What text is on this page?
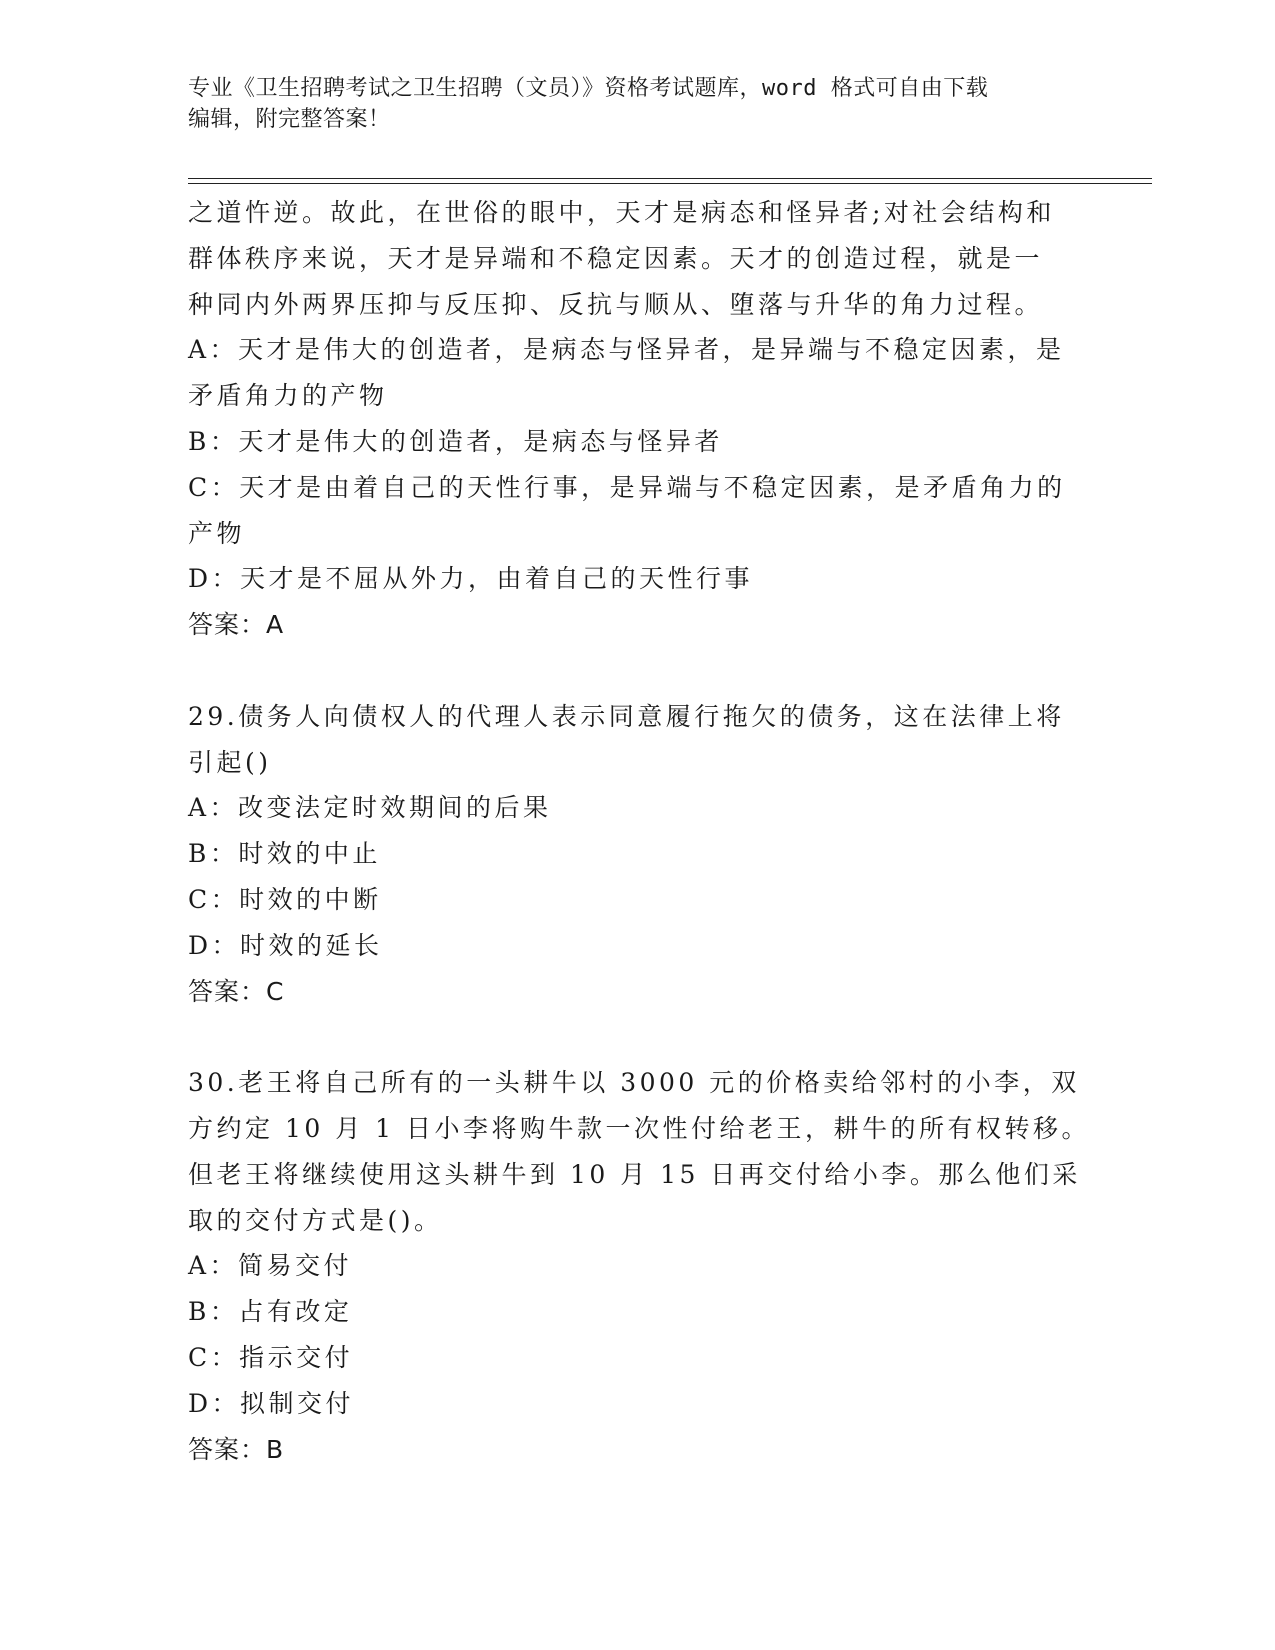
专业《卫生招聘考试之卫生招聘（文员）》资格考试题库，word 格式可自由下载
编辑，附完整答案！
之道忤逆。故此，在世俗的眼中，天才是病态和怪异者;对社会结构和
群体秩序来说，天才是异端和不稳定因素。天才的创造过程，就是一
种同内外两界压抑与反压抑、反抗与顺从、堕落与升华的角力过程。
A：天才是伟大的创造者，是病态与怪异者，是异端与不稳定因素，是
矛盾角力的产物
B：天才是伟大的创造者，是病态与怪异者
C：天才是由着自己的天性行事，是异端与不稳定因素，是矛盾角力的
产物
D：天才是不屈从外力，由着自己的天性行事
答案：A
29.债务人向债权人的代理人表示同意履行拖欠的债务，这在法律上将
引起()
A：改变法定时效期间的后果
B：时效的中止
C：时效的中断
D：时效的延长
答案：C
30.老王将自己所有的一头耕牛以 3000 元的价格卖给邻村的小李，双
方约定 10 月 1 日小李将购牛款一次性付给老王，耕牛的所有权转移。
但老王将继续使用这头耕牛到 10 月 15 日再交付给小李。那么他们采
取的交付方式是()。
A：简易交付
B：占有改定
C：指示交付
D：拟制交付
答案：B
